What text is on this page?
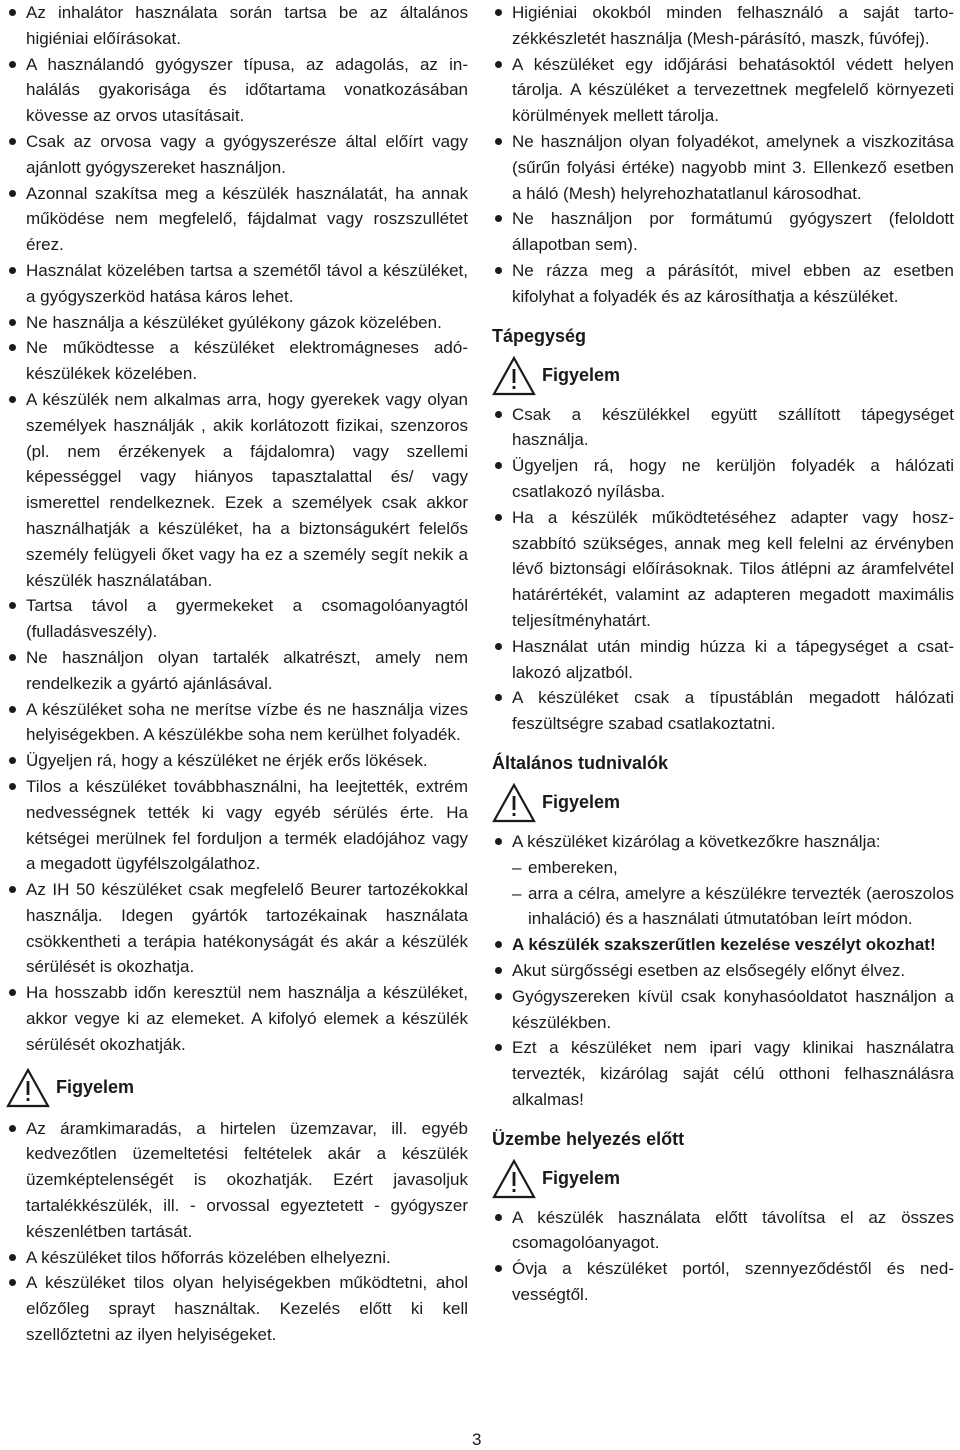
Az inhalátor használata során tartsa be az általános higiéniai előírásokat.
A használandó gyógyszer típusa, az adagolás, az inhalálás gyakorisága és időtartama vonatkozásában kövesse az orvos utasításait.
Csak az orvosa vagy a gyógyszerésze által előírt vagy ajánlott gyógyszereket használjon.
Azonnal szakítsa meg a készülék használatát, ha annak működése nem megfelelő, fájdalmat vagy roszszullétet érez.
Használat közelében tartsa a szemétől távol a készüléket, a gyógyszerköd hatása káros lehet.
Ne használja a készüléket gyúlékony gázok közelében.
Ne működtesse a készüléket elektromágneses adókészülékek közelében.
A készülék nem alkalmas arra, hogy gyerekek vagy olyan személyek használják , akik korlátozott fizikai, szenzoros (pl. nem érzékenyek a fájdalomra) vagy szellemi képességgel vagy hiányos tapasztalattal és/ vagy ismerettel rendelkeznek. Ezek a személyek csak akkor használhatják a készüléket, ha a biztonságukért felelős személy felügyeli őket vagy ha ez a személy segít nekik a készülék használatában.
Tartsa távol a gyermekeket a csomagolóanyagtól (fulladásveszély).
Ne használjon olyan tartalék alkatrészt, amely nem rendelkezik a gyártó ajánlásával.
A készüléket soha ne merítse vízbe és ne használja vizes helyiségekben. A készülékbe soha nem kerülhet folyadék.
Ügyeljen rá, hogy a készüléket ne érjék erős lökések.
Tilos a készüléket továbbhasználni, ha leejtették, extrém nedvességnek tették ki vagy egyéb sérülés érte. Ha kétségei merülnek fel forduljon a termék eladójához vagy a megadott ügyfélszolgálathoz.
Az IH 50 készüléket csak megfelelő Beurer tartozékokkal használja. Idegen gyártók tartozékainak használata csökkentheti a terápia hatékonyságát és akár a készülék sérülését is okozhatja.
Ha hosszabb időn keresztül nem használja a készüléket, akkor vegye ki az elemeket. A kifolyó elemek a készülék sérülését okozhatják.
Figyelem
Az áramkimaradás, a hirtelen üzemzavar, ill. egyéb kedvezőtlen üzemeltetési feltételek akár a készülék üzemképtelenségét is okozhatják. Ezért javasoljuk tartalékkészülék, ill. - orvossal egyeztetett - gyógyszer készenlétben tartását.
A készüléket tilos hőforrás közelében elhelyezni.
A készüléket tilos olyan helyiségekben működtetni, ahol előzőleg sprayt használtak. Kezelés előtt ki kell szellőztetni az ilyen helyiségeket.
Higiéniai okokból minden felhasználó a saját tartozékkészletét használja (Mesh-párásító, maszk, fúvófej).
A készüléket egy időjárási behatásoktól védett helyen tárolja. A készüléket a tervezettnek megfelelő környezeti körülmények mellett tárolja.
Ne használjon olyan folyadékot, amelynek a viszkozitása (sűrűn folyási értéke) nagyobb mint 3. Ellenkező esetben a háló (Mesh) helyrehozhatatlanul károsodhat.
Ne használjon por formátumú gyógyszert (feloldott állapotban sem).
Ne rázza meg a párásítót, mivel ebben az esetben kifolyhat a folyadék és az károsíthatja a készüléket.
Tápegység
Figyelem
Csak a készülékkel együtt szállított tápegységet használja.
Ügyeljen rá, hogy ne kerüljön folyadék a hálózati csatlakozó nyílásba.
Ha a készülék működtetéséhez adapter vagy hoszszabbító szükséges, annak meg kell felelni az érvényben lévő biztonsági előírásoknak. Tilos átlépni az áramfelvétel határértékét, valamint az adapteren megadott maximális teljesítményhatárt.
Használat után mindig húzza ki a tápegységet a csatlakozó aljzatból.
A készüléket csak a típustáblán megadott hálózati feszültségre szabad csatlakoztatni.
Általános tudnivalók
Figyelem
A készüléket kizárólag a következőkre használja:
– embereken,
– arra a célra, amelyre a készülékre tervezték (aeroszolos inhaláció) és a használati útmutatóban leírt módon.
A készülék szakszerűtlen kezelése veszélyt okozhat!
Akut sürgősségi esetben az elsősegély előnyt élvez.
Gyógyszereken kívül csak konyhasóoldatot használjon a készülékben.
Ezt a készüléket nem ipari vagy klinikai használatra tervezték, kizárólag saját célú otthoni felhasználásra alkalmas!
Üzembe helyezés előtt
Figyelem
A készülék használata előtt távolítsa el az összes csomagolóanyagot.
Óvja a készüléket portól, szennyeződéstől és nedvességtől.
3
